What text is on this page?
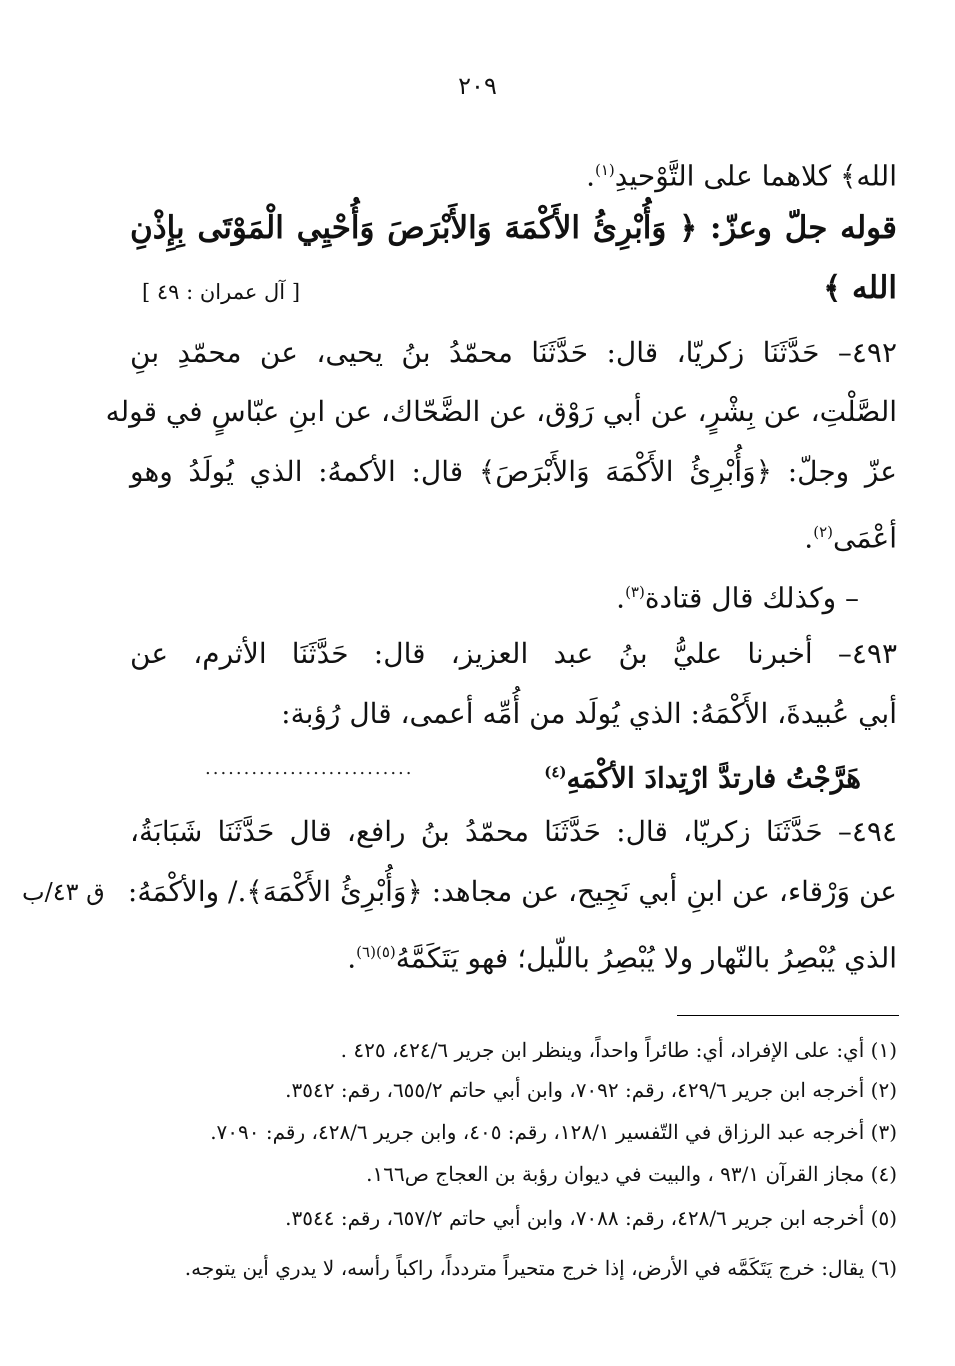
٢٠٩
الله﴾ كلاهما على التَّوْحيدِ$^{(١)}$.
قوله جلّ وعزّ: ﴿ وَأُبْرِئُ الأَكْمَهَ وَالأَبْرَصَ وَأُحْيِي الْمَوْتَى بِإِذْنِ
الله ﴾
[ آل عمران : ٤٩ ]
٤٩٢– حَدَّثَنَا زكريّا، قال: حَدَّثَنَا محمّدُ بنُ يحيى، عن محمّدِ بنِ
الصَّلْتِ، عن بِشْرٍ، عن أبي رَوْق، عن الضَّحّاك، عن ابنِ عبّاسٍ في قوله
عزّ وجلّ: ﴿وَأُبْرِئُ الأَكْمَهَ وَالأَبْرَصَ﴾ قال: الأكمهُ: الذي يُولَدُ وهو
أعْمَى$^{(٢)}$.
– وكذلك قال قتادة$^{(٣)}$.
٤٩٣– أخبرنا عليُّ بنُ عبد العزيز، قال: حَدَّثَنَا الأثرم، عن
أبي عُبيدةَ، الأَكْمَهُ: الذي يُولَد من أُمِّه أعمى، قال رُؤبة:
هَرَّجْتُ فارتدَّ ارْتِدادَ الأكْمَهِ$^{(٤)}$
...........................
٤٩٤– حَدَّثَنَا زكريّا، قال: حَدَّثَنَا محمّدُ بنُ رافع، قال حَدَّثَنَا شَبَابَةُ،
عن وَرْقاء، عن ابنِ أبي نَجِيح، عن مجاهد: ﴿وَأُبْرِئُ الأَكْمَهَ﴾./ والأكْمَهُ:
الذي يُبْصِرُ بالنّهار ولا يُبْصِرُ باللّيل؛ فهو يَتَكَمَّهُ$^{(٥)(٦)}$.
ق ٤٣/ب
(١) أي: على الإفراد، أي: طائراً واحداً، وينظر ابن جرير ٤٢٤/٦، ٤٢٥ .
(٢) أخرجه ابن جرير ٤٢٩/٦، رقم: ٧٠٩٢، وابن أبي حاتم ٦٥٥/٢، رقم: ٣٥٤٢.
(٣) أخرجه عبد الرزاق في التّفسير ١٢٨/١، رقم: ٤٠٥، وابن جرير ٤٢٨/٦، رقم: ٧٠٩٠.
(٤) مجاز القرآن ٩٣/١ ، والبيت في ديوان رؤبة بن العجاج ص١٦٦.
(٥) أخرجه ابن جرير ٤٢٨/٦، رقم: ٧٠٨٨، وابن أبي حاتم ٦٥٧/٢، رقم: ٣٥٤٤.
(٦) يقال: خرج يَتَكَمَّه في الأرض، إذا خرج متحيراً متردداً، راكباً رأسه، لا يدري أين يتوجه.
